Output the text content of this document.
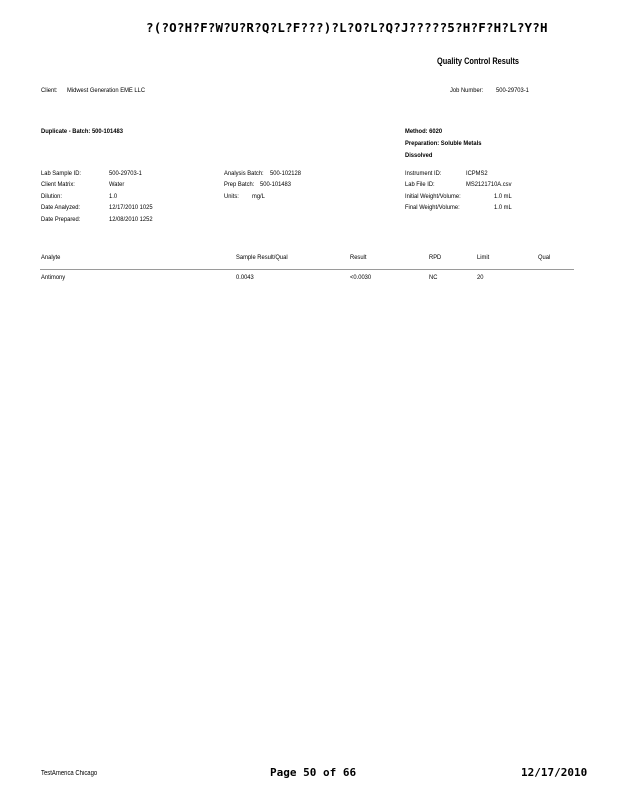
?(?O?H?F?W?U?R?Q?L?F???)?L?O?L?Q?J?????5?H?F?H?L?Y?H
Quality Control Results
Client: Midwest Generation EME LLC	Job Number: 500-29703-1
Duplicate - Batch: 500-101483	Method: 6020
Preparation: Soluble Metals
Dissolved
Lab Sample ID:	500-29703-1
Client Matrix:	Water
Dilution:	1.0
Date Analyzed:	12/17/2010 1025
Date Prepared:	12/08/2010 1252
Analysis Batch: 500-102128
Prep Batch: 500-101483
Units: mg/L
Instrument ID:	ICPMS2
Lab File ID:	MS2121710A.csv
Initial Weight/Volume:	1.0 mL
Final Weight/Volume:	1.0 mL
Analyte	Sample Result/Qual	Result	RPD	Limit	Qual
Antimony	0.0043	<0.0030	NC	20
TestAmerica Chicago	Page 50 of 66	12/17/2010
